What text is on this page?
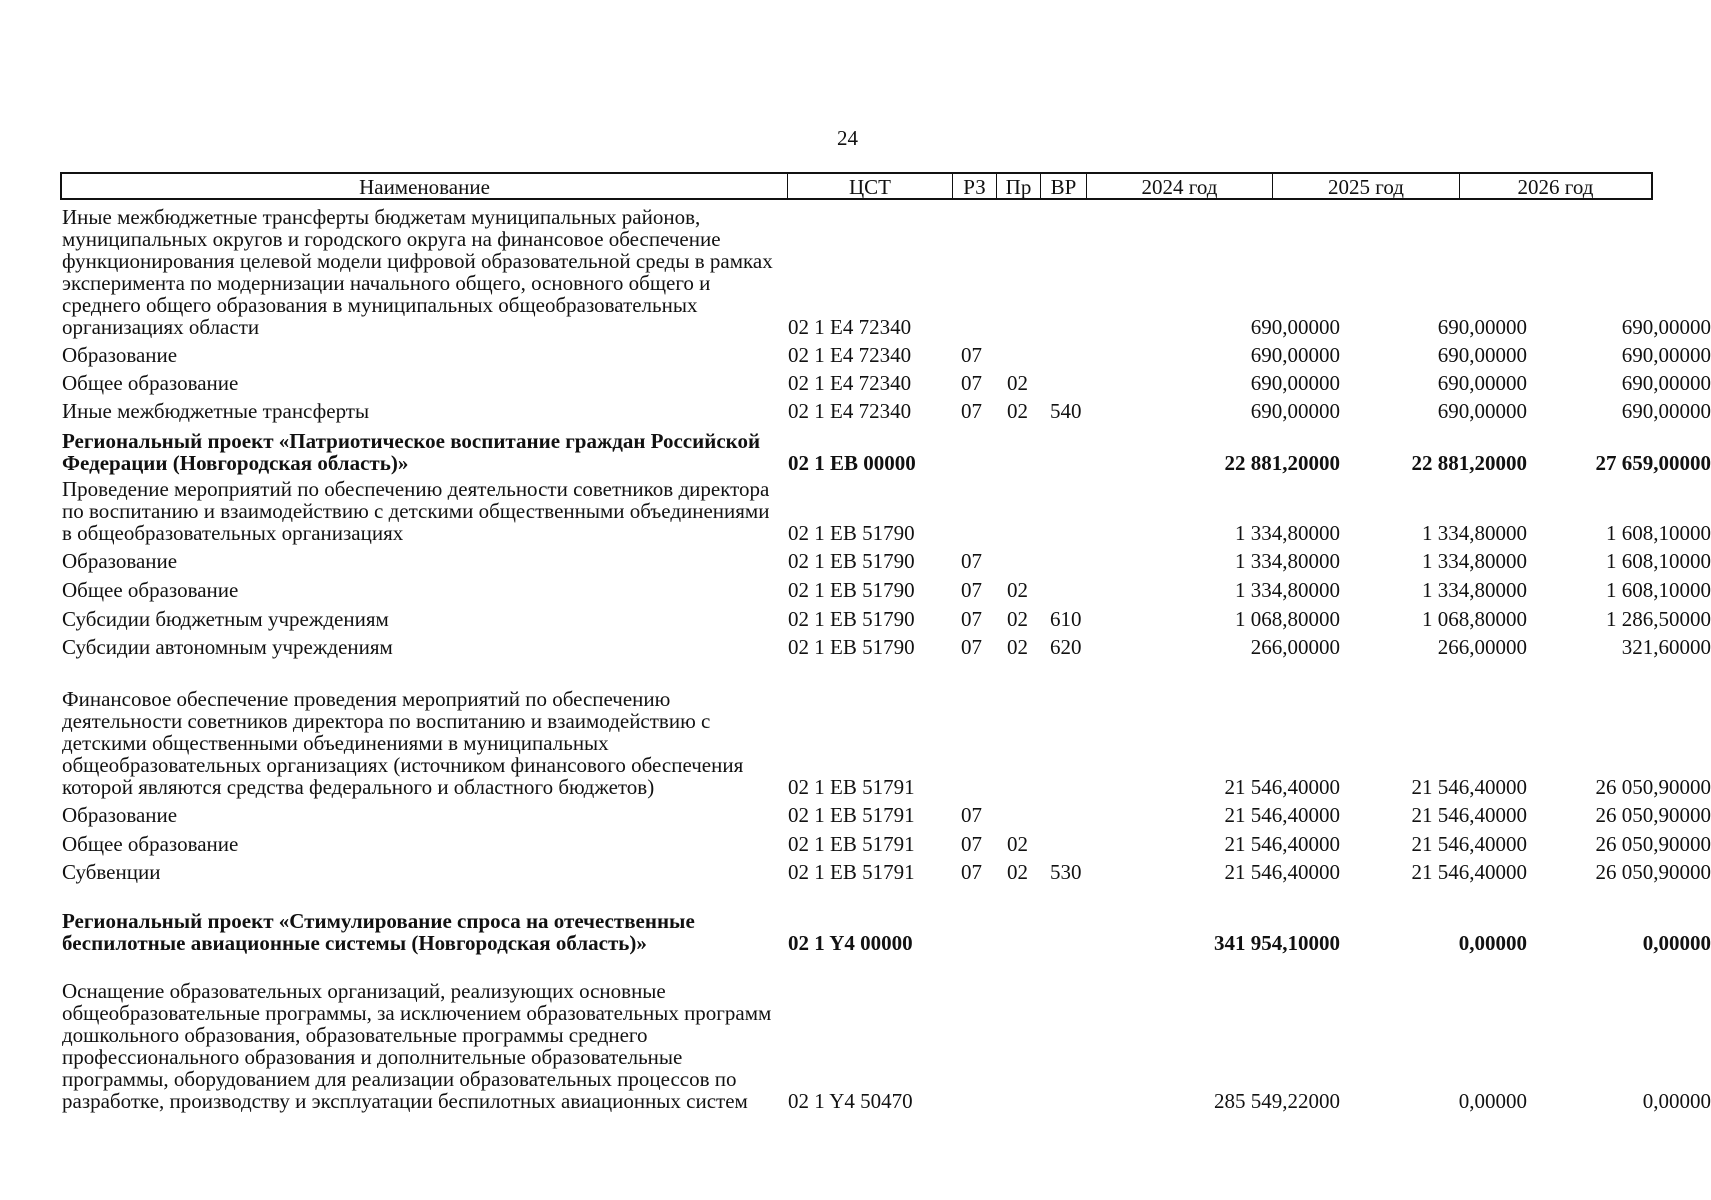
24
Наименование	ЦСТ	РЗ Пр ВР	2024 год	2025 год	2026 год
Иные межбюджетные трансферты бюджетам муниципальных районов, муниципальных округов и городского округа на финансовое обеспечение функционирования целевой модели цифровой образовательной среды в рамках эксперимента по модернизации начального общего, основного общего и среднего общего образования в муниципальных общеобразовательных организациях области	02 1 E4 72340	690,00000	690,00000	690,00000
Образование	02 1 E4 72340 07	690,00000	690,00000	690,00000
Общее образование	02 1 E4 72340 07 02	690,00000	690,00000	690,00000
Иные межбюджетные трансферты	02 1 E4 72340 07 02 540	690,00000	690,00000	690,00000
Региональный проект «Патриотическое воспитание граждан Российской Федерации (Новгородская область)»	02 1 EB 00000	22 881,20000	22 881,20000	27 659,00000
Проведение мероприятий по обеспечению деятельности советников директора по воспитанию и взаимодействию с детскими общественными объединениями в общеобразовательных организациях	02 1 EB 51790	1 334,80000	1 334,80000	1 608,10000
Образование	02 1 EB 51790 07	1 334,80000	1 334,80000	1 608,10000
Общее образование	02 1 EB 51790 07 02	1 334,80000	1 334,80000	1 608,10000
Субсидии бюджетным учреждениям	02 1 EB 51790 07 02 610	1 068,80000	1 068,80000	1 286,50000
Субсидии автономным учреждениям	02 1 EB 51790 07 02 620	266,00000	266,00000	321,60000
Финансовое обеспечение проведения мероприятий по обеспечению деятельности советников директора по воспитанию и взаимодействию с детскими общественными объединениями в муниципальных общеобразовательных организациях (источником финансового обеспечения которой являются средства федерального и областного бюджетов)	02 1 EB 51791	21 546,40000	21 546,40000	26 050,90000
Образование	02 1 EB 51791 07	21 546,40000	21 546,40000	26 050,90000
Общее образование	02 1 EB 51791 07 02	21 546,40000	21 546,40000	26 050,90000
Субвенции	02 1 EB 51791 07 02 530	21 546,40000	21 546,40000	26 050,90000
Региональный проект «Стимулирование спроса на отечественные беспилотные авиационные системы (Новгородская область)»	02 1 Y4 00000	341 954,10000	0,00000	0,00000
Оснащение образовательных организаций, реализующих основные общеобразовательные программы, за исключением образовательных программ дошкольного образования, образовательные программы среднего профессионального образования и дополнительные образовательные программы, оборудованием для реализации образовательных процессов по разработке, производству и эксплуатации беспилотных авиационных систем	02 1 Y4 50470	285 549,22000	0,00000	0,00000
